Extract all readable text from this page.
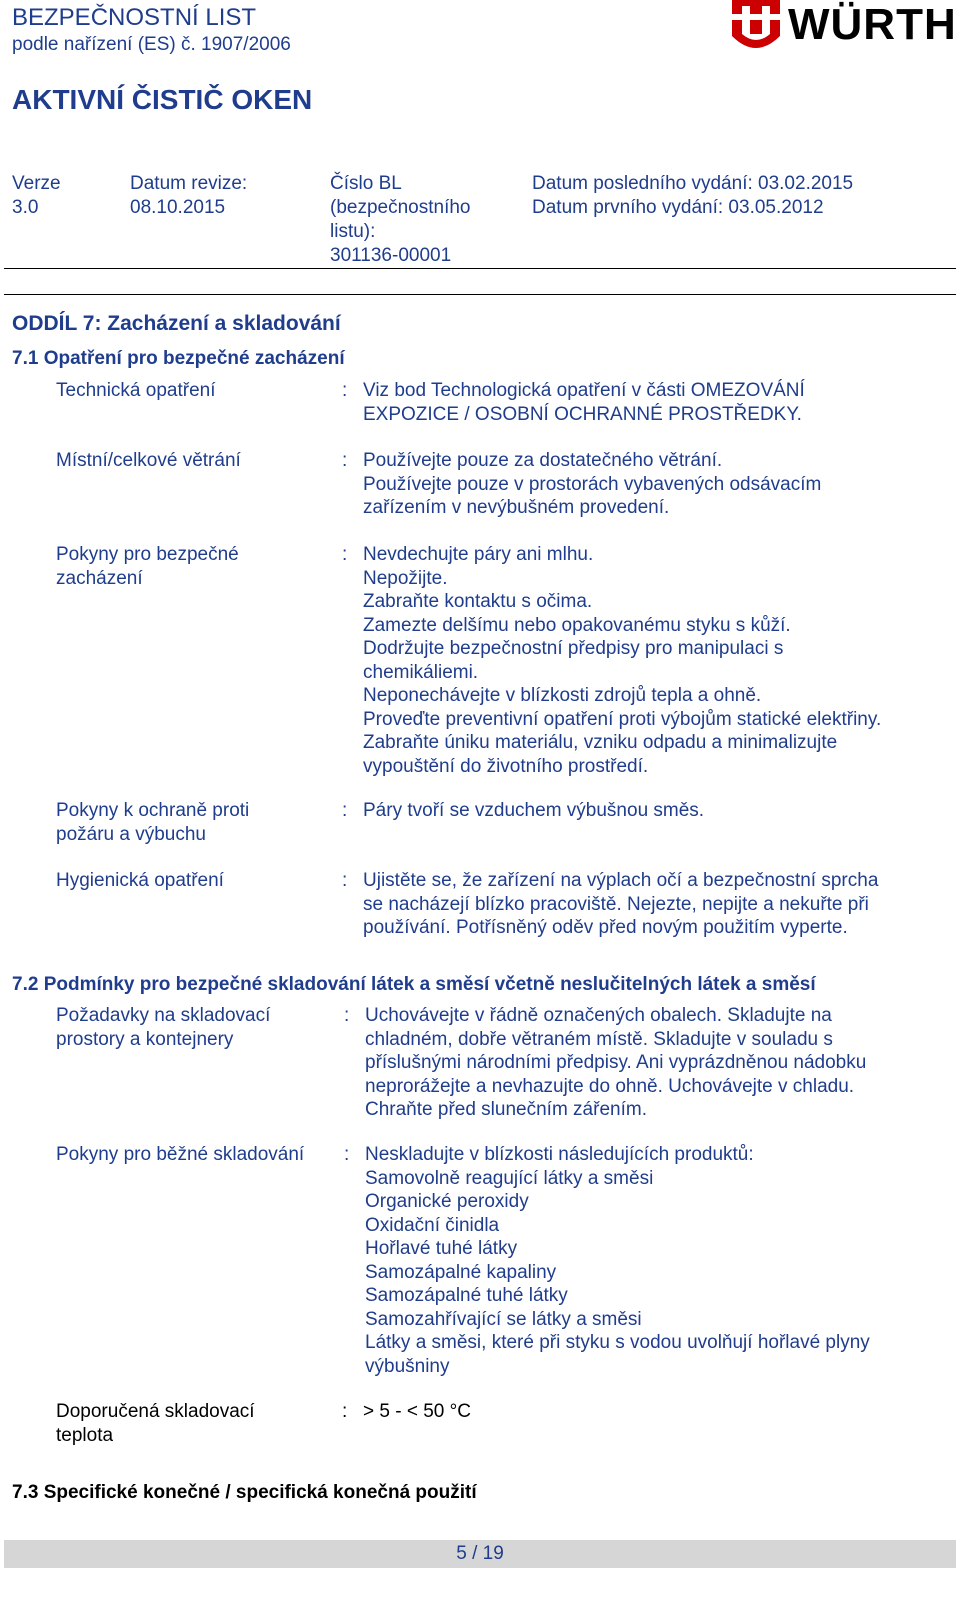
BEZPEČNOSTNÍ LIST
podle nařízení (ES) č. 1907/2006
AKTIVNÍ ČISTIČ OKEN
WÜRTH
Verze
3.0
Datum revize:
08.10.2015
Číslo BL
(bezpečnostního
listu):
301136-00001
Datum posledního vydání: 03.02.2015
Datum prvního vydání: 03.05.2012
ODDÍL 7: Zacházení a skladování
7.1 Opatření pro bezpečné zacházení
Technická opatření	: Viz bod Technologická opatření v části OMEZOVÁNÍ
EXPOZICE / OSOBNÍ OCHRANNÉ PROSTŘEDKY.
Místní/celkové větrání	: Používejte pouze za dostatečného větrání.
Používejte pouze v prostorách vybavených odsávacím
zařízením v nevýbušném provedení.
Pokyny pro bezpečné
zacházení
: Nevdechujte páry ani mlhu.
Nepožijte.
Zabraňte kontaktu s očima.
Zamezte delšímu nebo opakovanému styku s kůží.
Dodržujte bezpečnostní předpisy pro manipulaci s
chemikáliemi.
Neponechávejte v blízkosti zdrojů tepla a ohně.
Proveďte preventivní opatření proti výbojům statické elektřiny.
Zabraňte úniku materiálu, vzniku odpadu a minimalizujte
vypouštění do životního prostředí.
Pokyny k ochraně proti
požáru a výbuchu
: Páry tvoří se vzduchem výbušnou směs.
Hygienická opatření	: Ujistěte se, že zařízení na výplach očí a bezpečnostní sprcha
se nacházejí blízko pracoviště. Nejezte, nepijte a nekuřte při
používání. Potřísněný oděv před novým použitím vyperte.
7.2 Podmínky pro bezpečné skladování látek a směsí včetně neslučitelných látek a směsí
Požadavky na skladovací
prostory a kontejnery
: Uchovávejte v řádně označených obalech. Skladujte na
chladném, dobře větraném místě. Skladujte v souladu s
příslušnými národními předpisy. Ani vyprázdněnou nádobku
neprorážejte a nevhazujte do ohně. Uchovávejte v chladu.
Chraňte před slunečním zářením.
Pokyny pro běžné skladování	: Neskladujte v blízkosti následujících produktů:
Samovolně reagující látky a směsi
Organické peroxidy
Oxidační činidla
Hořlavé tuhé látky
Samozápalné kapaliny
Samozápalné tuhé látky
Samozahřívající se látky a směsi
Látky a směsi, které při styku s vodou uvolňují hořlavé plyny
výbušniny
Doporučená skladovací
teplota
: > 5 - < 50 °C
7.3 Specifické konečné / specifická konečná použití
5 / 19
